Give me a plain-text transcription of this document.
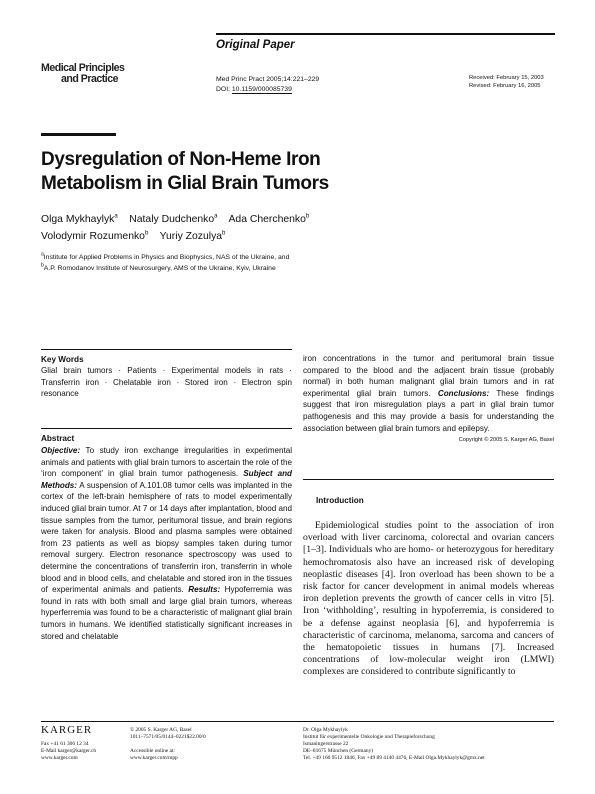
Original Paper
Medical Principles
and Practice	Med Princ Pract 2005;14:221–229
DOI: 10.1159/000085739
Received: February 15, 2003
Revised: February 16, 2005
Dysregulation of Non-Heme Iron
Metabolism in Glial Brain Tumors
Olga Mykhaylyk$^a$ Nataly Dudchenko$^a$ Ada Cherchenko$^b$
Volodymir Rozumenko$^b$ Yuriy Zozulya$^b$
$^a$Institute for Applied Problems in Physics and Biophysics, NAS of the Ukraine, and
$^b$A.P. Romodanov Institute of Neurosurgery, AMS of the Ukraine, Kyiv, Ukraine
Key Words
Glial brain tumors · Patients · Experimental models in rats · Transferrin iron · Chelatable iron · Stored iron · Electron spin resonance
Abstract
Objective: To study iron exchange irregularities in experimental animals and patients with glial brain tumors to ascertain the role of the ‘iron component’ in glial brain tumor pathogenesis. Subject and Methods: A suspension of A.101.08 tumor cells was implanted in the cortex of the left-brain hemisphere of rats to model experimentally induced glial brain tumor. At 7 or 14 days after implantation, blood and tissue samples from the tumor, peritumoral tissue, and brain regions were taken for analysis. Blood and plasma samples were obtained from 23 patients as well as biopsy samples taken during tumor removal surgery. Electron resonance spectroscopy was used to determine the concentrations of transferrin iron, transferrin in whole blood and in blood cells, and chelatable and stored iron in the tissues of experimental animals and patients. Results: Hypoferremia was found in rats with both small and large glial brain tumors, whereas hyperferremia was found to be a characteristic of malignant glial brain tumors in humans. We identified statistically significant increases in stored and chelatable
iron concentrations in the tumor and peritumoral brain tissue compared to the blood and the adjacent brain tissue (probably normal) in both human malignant glial brain tumors and in rat experimental glial brain tumors. Conclusions: These findings suggest that iron misregulation plays a part in glial brain tumor pathogenesis and this may provide a basis for understanding the association between glial brain tumors and epilepsy.
Copyright © 2005 S. Karger AG, Basel
Introduction
Epidemiological studies point to the association of iron overload with liver carcinoma, colorectal and ovarian cancers [1–3]. Individuals who are homo- or heterozygous for hereditary hemochromatosis also have an increased risk of developing neoplastic diseases [4]. Iron overload has been shown to be a risk factor for cancer development in animal models whereas iron depletion prevents the growth of cancer cells in vitro [5]. Iron ‘withholding’, resulting in hypoferremia, is considered to be a defense against neoplasia [6], and hypoferremia is characteristic of carcinoma, melanoma, sarcoma and cancers of the hematopoietic tissues in humans [7]. Increased concentrations of low-molecular weight iron (LMWI) complexes are considered to contribute significantly to
KARGER
Fax +41 61 306 12 34
E-Mail karger@karger.ch
www.karger.com
© 2005 S. Karger AG, Basel
1011–7571/05/0144–0221$22.00/0
Accessible online at:
www.karger.com/mpp
Dr. Olga Mykhaylyk
Institut für experimentelle Onkologie und Therapieforschung
Ismaningerstrasse 22
DE–81675 München (Germany)
Tel. +49 160 9512 1846, Fax +49 89 4140 4476, E-Mail Olga.Mykhaylyk@gmx.net
